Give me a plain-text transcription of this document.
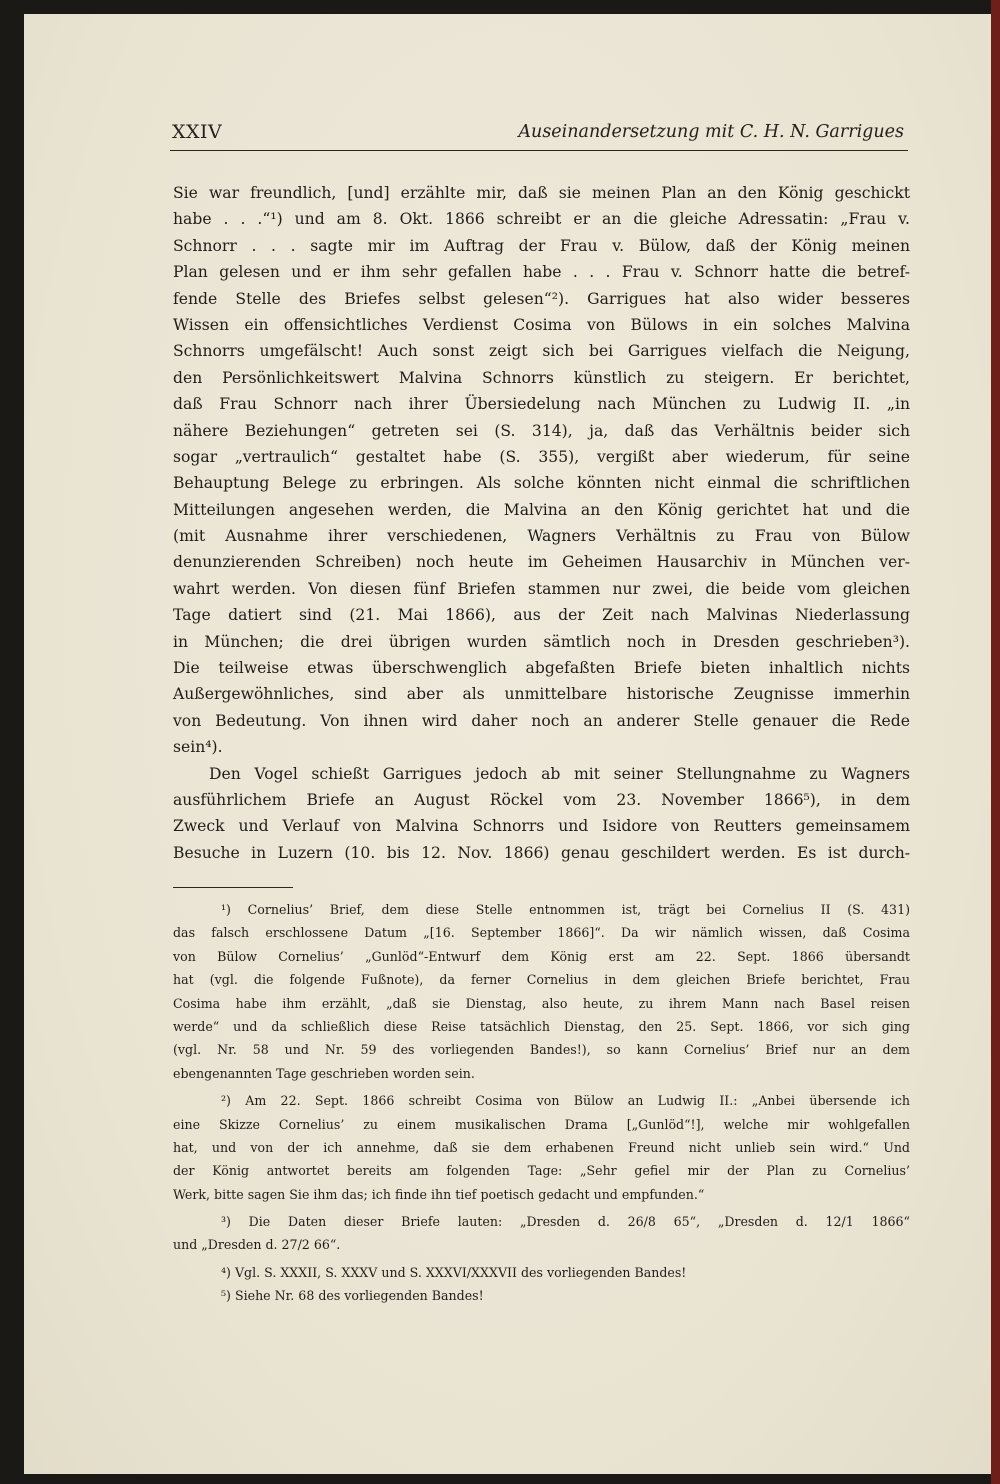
XXIV	Auseinandersetzung mit C. H. N. Garrigues
Sie war freundlich, [und] erzählte mir, daß sie meinen Plan an den König geschickt
habe . . .“¹) und am 8. Okt. 1866 schreibt er an die gleiche Adressatin: „Frau v.
Schnorr . . . sagte mir im Auftrag der Frau v. Bülow, daß der König meinen
Plan gelesen und er ihm sehr gefallen habe . . . Frau v. Schnorr hatte die betref-
fende Stelle des Briefes selbst gelesen“²). Garrigues hat also wider besseres
Wissen ein offensichtliches Verdienst Cosima von Bülows in ein solches Malvina
Schnorrs umgefälscht! Auch sonst zeigt sich bei Garrigues vielfach die Neigung,
den Persönlichkeitswert Malvina Schnorrs künstlich zu steigern. Er berichtet,
daß Frau Schnorr nach ihrer Übersiedelung nach München zu Ludwig II. „in
nähere Beziehungen“ getreten sei (S. 314), ja, daß das Verhältnis beider sich
sogar „vertraulich“ gestaltet habe (S. 355), vergißt aber wiederum, für seine
Behauptung Belege zu erbringen. Als solche könnten nicht einmal die schriftlichen
Mitteilungen angesehen werden, die Malvina an den König gerichtet hat und die
(mit Ausnahme ihrer verschiedenen, Wagners Verhältnis zu Frau von Bülow
denunzierenden Schreiben) noch heute im Geheimen Hausarchiv in München ver-
wahrt werden. Von diesen fünf Briefen stammen nur zwei, die beide vom gleichen
Tage datiert sind (21. Mai 1866), aus der Zeit nach Malvinas Niederlassung
in München; die drei übrigen wurden sämtlich noch in Dresden geschrieben³).
Die teilweise etwas überschwenglich abgefaßten Briefe bieten inhaltlich nichts
Außergewöhnliches, sind aber als unmittelbare historische Zeugnisse immerhin
von Bedeutung. Von ihnen wird daher noch an anderer Stelle genauer die Rede
sein⁴).
Den Vogel schießt Garrigues jedoch ab mit seiner Stellungnahme zu Wagners
ausführlichem Briefe an August Röckel vom 23. November 1866⁵), in dem
Zweck und Verlauf von Malvina Schnorrs und Isidore von Reutters gemeinsamem
Besuche in Luzern (10. bis 12. Nov. 1866) genau geschildert werden. Es ist durch-
¹) Cornelius’ Brief, dem diese Stelle entnommen ist, trägt bei Cornelius II (S. 431)
das falsch erschlossene Datum „[16. September 1866]“. Da wir nämlich wissen, daß Cosima
von Bülow Cornelius’ „Gunlöd“-Entwurf dem König erst am 22. Sept. 1866 übersandt
hat (vgl. die folgende Fußnote), da ferner Cornelius in dem gleichen Briefe berichtet, Frau
Cosima habe ihm erzählt, „daß sie Dienstag, also heute, zu ihrem Mann nach Basel reisen
werde“ und da schließlich diese Reise tatsächlich Dienstag, den 25. Sept. 1866, vor sich ging
(vgl. Nr. 58 und Nr. 59 des vorliegenden Bandes!), so kann Cornelius’ Brief nur an dem
ebengenannten Tage geschrieben worden sein.
²) Am 22. Sept. 1866 schreibt Cosima von Bülow an Ludwig II.: „Anbei übersende ich
eine Skizze Cornelius’ zu einem musikalischen Drama [„Gunlöd“!], welche mir wohlgefallen
hat, und von der ich annehme, daß sie dem erhabenen Freund nicht unlieb sein wird.“ Und
der König antwortet bereits am folgenden Tage: „Sehr gefiel mir der Plan zu Cornelius’
Werk, bitte sagen Sie ihm das; ich finde ihn tief poetisch gedacht und empfunden.“
³) Die Daten dieser Briefe lauten: „Dresden d. 26/8 65“, „Dresden d. 12/1 1866“
und „Dresden d. 27/2 66“.
⁴) Vgl. S. XXXII, S. XXXV und S. XXXVI/XXXVII des vorliegenden Bandes!
⁵) Siehe Nr. 68 des vorliegenden Bandes!
